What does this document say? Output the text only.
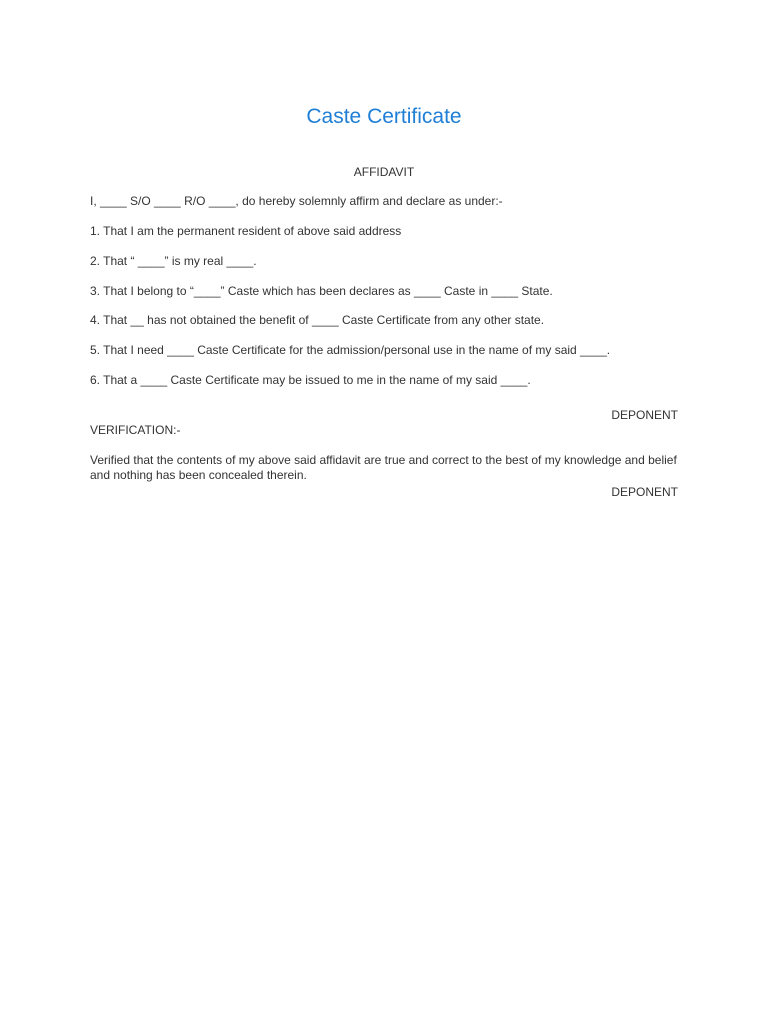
Caste Certificate
AFFIDAVIT
I, ____ S/O ____ R/O ____, do hereby solemnly affirm and declare as under:-
1. That I am the permanent resident of above said address
2. That “ ____” is my real ____.
3. That I belong to “____” Caste which has been declares as ____ Caste in ____ State.
4. That __ has not obtained the benefit of ____ Caste Certificate from any other state.
5. That I need ____ Caste Certificate for the admission/personal use in the name of my said ____.
6. That a ____ Caste Certificate may be issued to me in the name of my said ____.
DEPONENT
VERIFICATION:-
Verified that the contents of my above said affidavit are true and correct to the best of my knowledge and belief and nothing has been concealed therein.
DEPONENT
